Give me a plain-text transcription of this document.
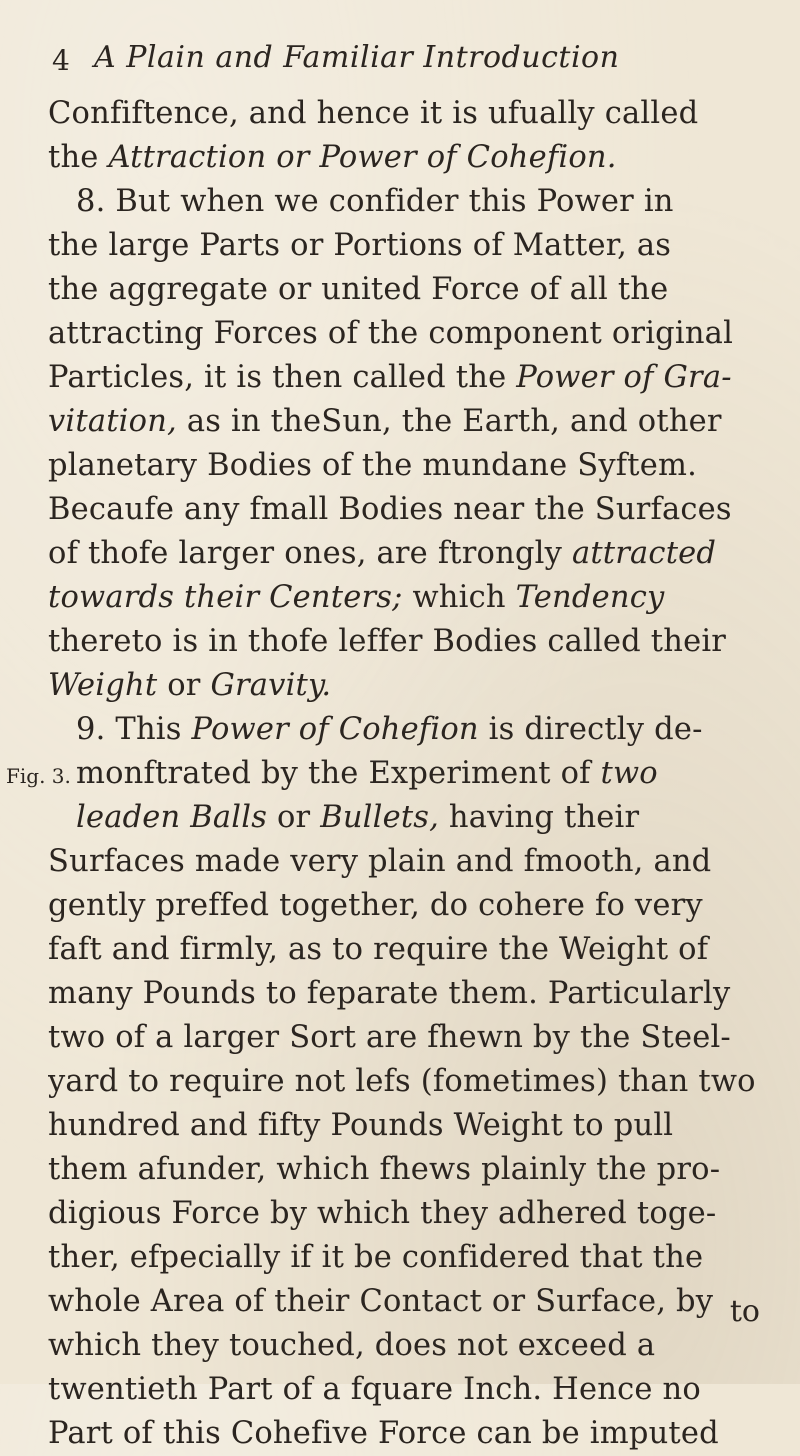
4 A Plain and Familiar Introduction
Confiftence, and hence it is ufually called
the Attraction or Power of Cohefion.
8. But when we confider this Power in
the large Parts or Portions of Matter, as
the aggregate or united Force of all the
attracting Forces of the component original
Particles, it is then called the Power of Gra-
vitation, as in theSun, the Earth, and other
planetary Bodies of the mundane Syftem.
Becaufe any fmall Bodies near the Surfaces
of thofe larger ones, are ftrongly attracted
towards their Centers; which Tendency
thereto is in thofe leffer Bodies called their
Weight or Gravity.
9. This Power of Cohefion is directly de-
monftrated by the Experiment of two
leaden Balls or Bullets, having their
Surfaces made very plain and fmooth, and
gently preffed together, do cohere fo very
faft and firmly, as to require the Weight of
many Pounds to feparate them. Particularly
two of a larger Sort are fhewn by the Steel-
yard to require not lefs (fometimes) than two
hundred and fifty Pounds Weight to pull
them afunder, which fhews plainly the pro-
digious Force by which they adhered toge-
ther, efpecially if it be confidered that the
whole Area of their Contact or Surface, by
which they touched, does not exceed a
twentieth Part of a fquare Inch. Hence no
Part of this Cohefive Force can be imputed
Fig. 3.
to
